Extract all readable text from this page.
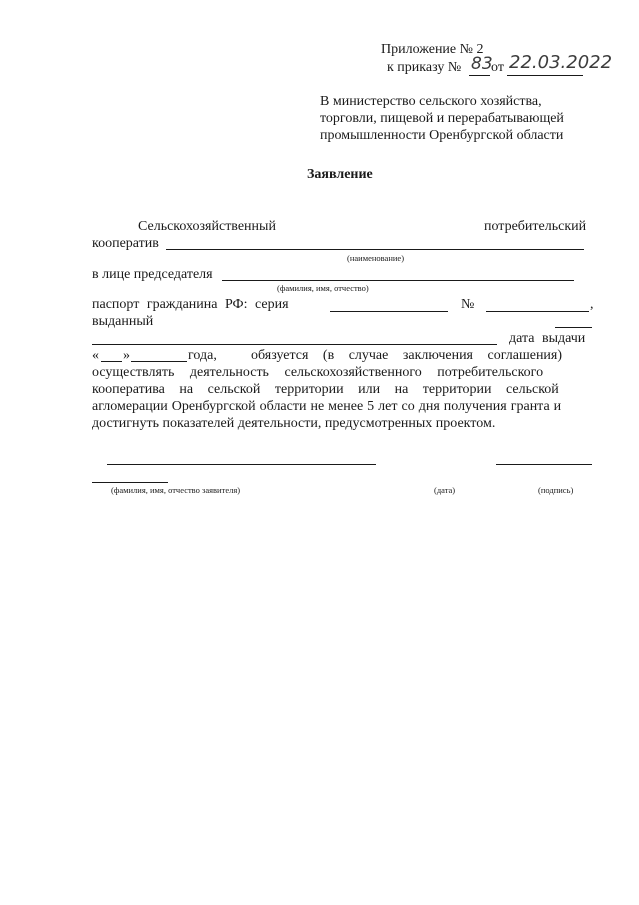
Приложение № 2
к приказу № 83
от 22.03.2022
В министерство сельского хозяйства,
торговли, пищевой и перерабатывающей
промышленности Оренбургской области
Заявление
Сельскохозяйственный	потребительский
кооператив
(наименование)
в лице председателя
(фамилия, имя, отчество)
паспорт гражданина РФ: серия	№	,
выданный
дата выдачи
« »	года, обязуется (в случае заключения соглашения)
осуществлять деятельность сельскохозяйственного потребительского
кооператива на сельской территории или на территории сельской
агломерации Оренбургской области не менее 5 лет со дня получения гранта и
достигнуть показателей деятельности, предусмотренных проектом.
(фамилия, имя, отчество заявителя)	(дата)	(подпись)
